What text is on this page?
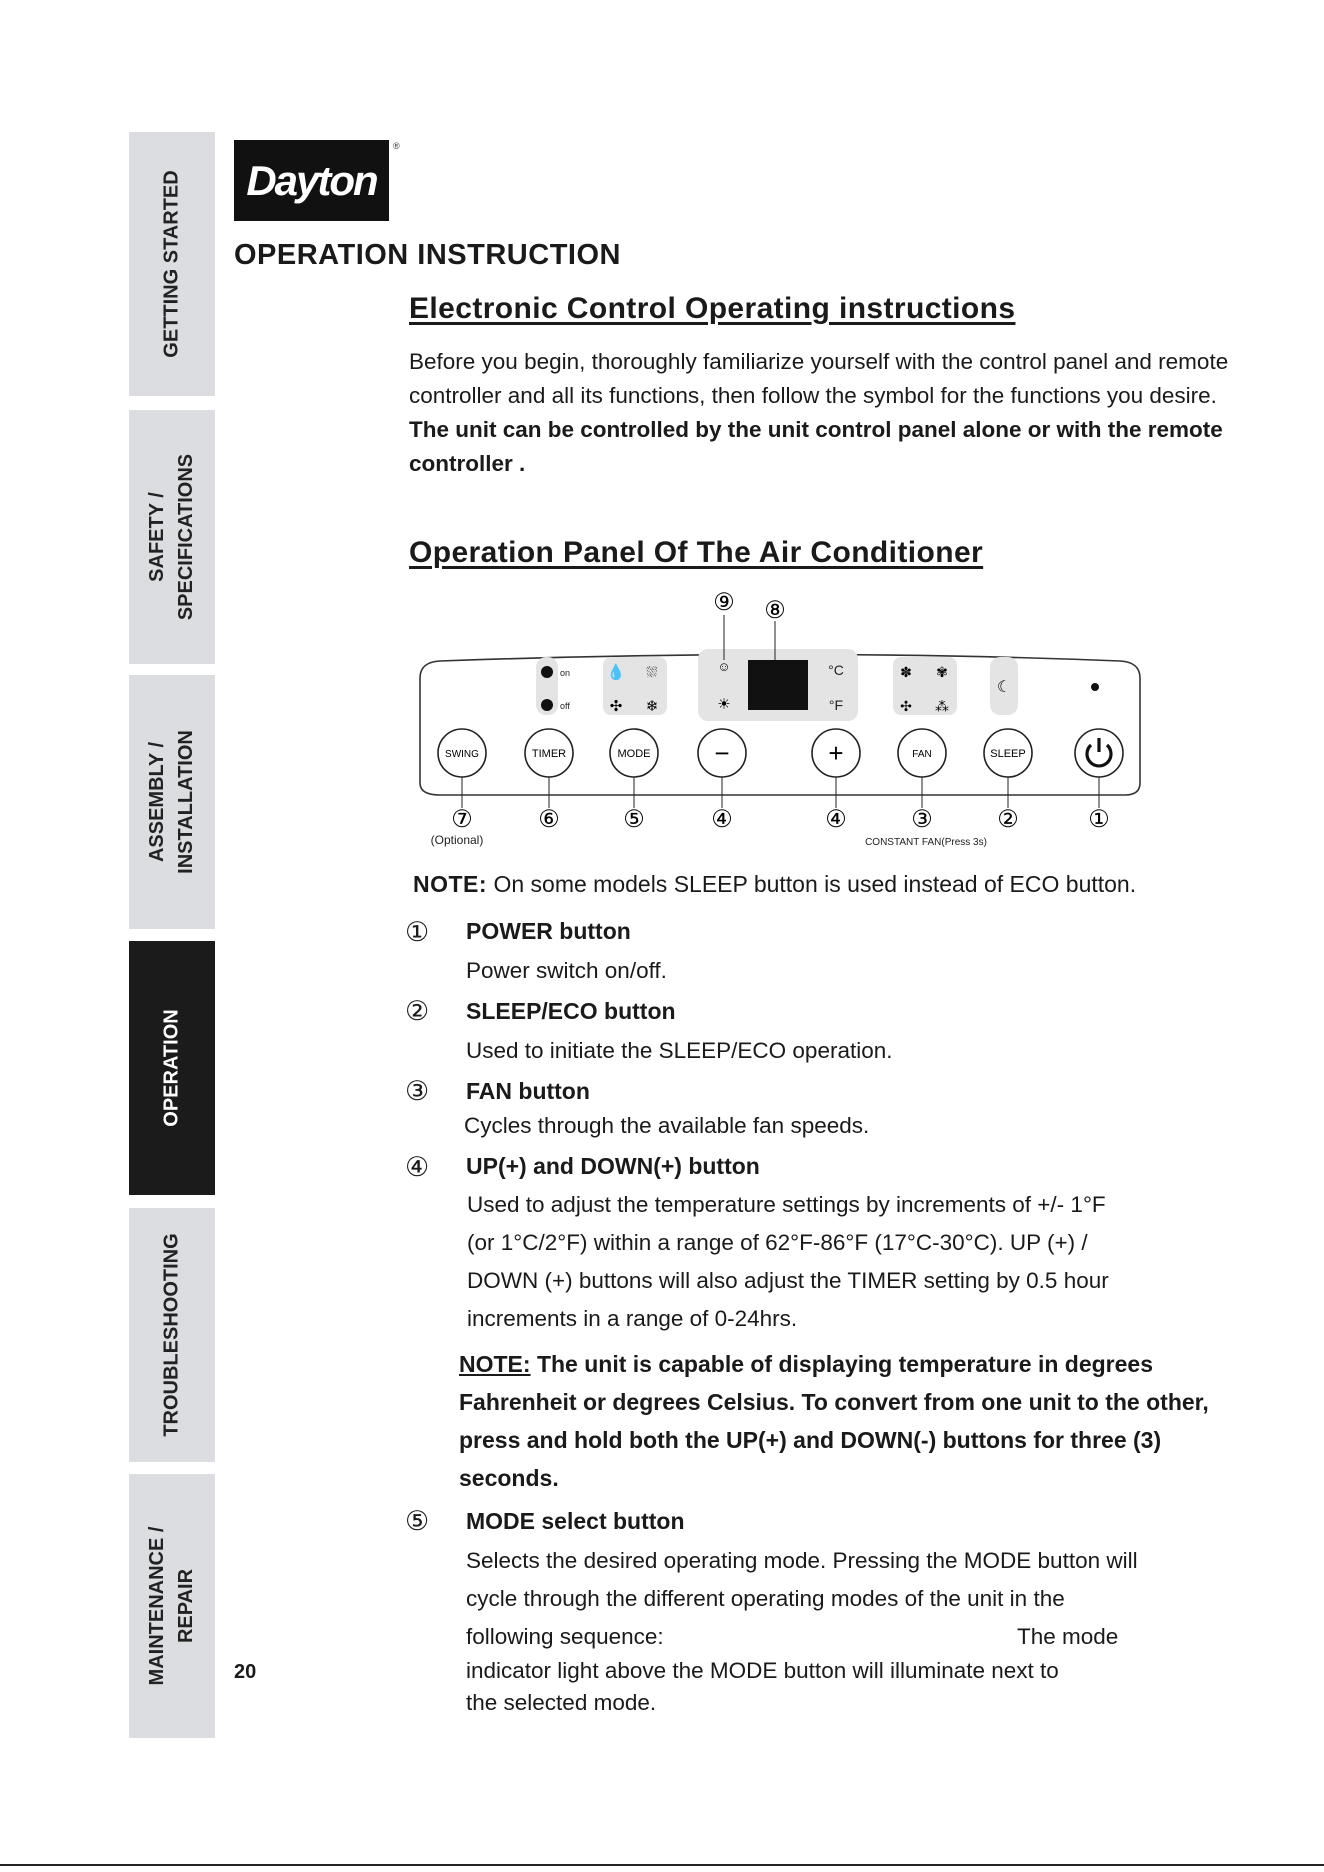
GETTING STARTED
SAFETY /
SPECIFICATIONS
ASSEMBLY /
INSTALLATION
OPERATION
TROUBLESHOOTING
MAINTENANCE /
REPAIR
Dayton
®
OPERATION INSTRUCTION
Electronic Control Operating instructions
Before you begin, thoroughly familiarize yourself with the control panel and remote controller and all its functions, then follow the symbol for the functions you desire.
The unit can be controlled by the unit control panel alone or with the remote controller .
Operation Panel Of The Air Conditioner
on
off
💧 ⛆
✣ ❄
☺
☀
°C
°F
✽ ✾
✣ ⁂
☾
SWING	TIMER	MODE −	+	FAN	SLEEP
⑨ ⑧
⑦	⑥	⑤	④	④	③	②	①
(Optional)	CONSTANT FAN(Press 3s)
NOTE: On some models SLEEP button is used instead of ECO button.
① POWER button
Power switch on/off.
② SLEEP/ECO button
Used to initiate the SLEEP/ECO operation.
③ FAN button
Cycles through the available fan speeds.
④ UP(+) and DOWN(+) button
Used to adjust the temperature settings by increments of +/- 1°F
(or 1°C/2°F) within a range of 62°F-86°F (17°C-30°C). UP (+) /
DOWN (+) buttons will also adjust the TIMER setting by 0.5 hour
increments in a range of 0-24hrs.
NOTE: The unit is capable of displaying temperature in degrees Fahrenheit or degrees Celsius. To convert from one unit to the other, press and hold both the UP(+) and DOWN(-) buttons for three (3) seconds.
⑤ MODE select button
Selects the desired operating mode. Pressing the MODE button will
cycle through the different operating modes of the unit in the
following sequence:	The mode
indicator light above the MODE button will illuminate next to
the selected mode.
20
